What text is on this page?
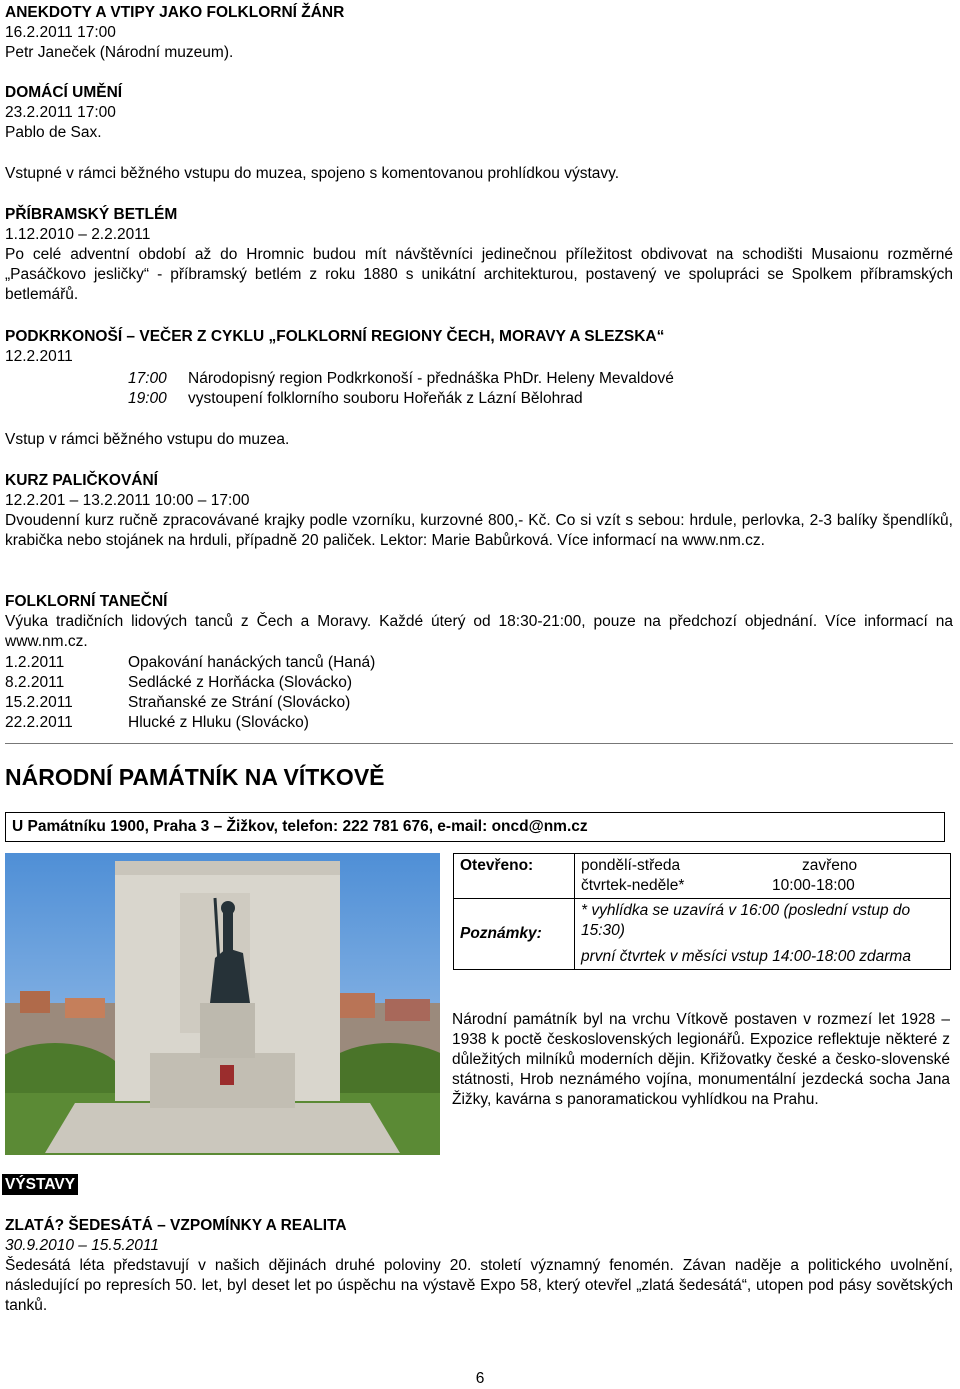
ANEKDOTY A VTIPY JAKO FOLKLORNÍ ŽÁNR
16.2.2011 17:00
Petr Janeček (Národní muzeum).
DOMÁCÍ UMĚNÍ
23.2.2011 17:00
Pablo de Sax.
Vstupné v rámci běžného vstupu do muzea, spojeno s komentovanou prohlídkou výstavy.
PŘÍBRAMSKÝ BETLÉM
1.12.2010 – 2.2.2011
Po celé adventní období až do Hromnic budou mít návštěvníci jedinečnou příležitost obdivovat na schodišti Musaionu rozměrné „Pasáčkovo jesličky“ - příbramský betlém z roku 1880 s unikátní architekturou, postavený ve spolupráci se Spolkem příbramských betlemářů.
PODKRKONOŠÍ – VEČER Z CYKLU „FOLKLORNÍ REGIONY ČECH, MORAVY A SLEZSKA“
12.2.2011
17:00 Národopisný region Podkrkonoší - přednáška PhDr. Heleny Mevaldové
19:00 vystoupení folklorního souboru Hořeňák z Lázní Bělohrad
Vstup v rámci běžného vstupu do muzea.
KURZ PALIČKOVÁNÍ
12.2.201 – 13.2.2011 10:00 – 17:00
Dvoudenní kurz ručně zpracovávané krajky podle vzorníku, kurzovné 800,- Kč. Co si vzít s sebou: hrdule, perlovka, 2-3 balíky špendlíků, krabička nebo stojánek na hrduli, případně 20 paliček. Lektor: Marie Babůrková. Více informací na www.nm.cz.
FOLKLORNÍ TANEČNÍ
Výuka tradičních lidových tanců z Čech a Moravy. Každé úterý od 18:30-21:00, pouze na předchozí objednání. Více informací na www.nm.cz.
1.2.2011	Opakování hanáckých tanců (Haná)
8.2.2011	Sedlácké z Horňácka (Slovácko)
15.2.2011	Straňanské ze Strání (Slovácko)
22.2.2011	Hlucké z Hluku (Slovácko)
NÁRODNÍ PAMÁTNÍK NA VÍTKOVĚ
U Památníku 1900, Praha 3 – Žižkov, telefon: 222 781 676, e-mail: oncd@nm.cz
Otevřeno:	pondělí-středa zavřeno
čtvrtek-neděle* 10:00-18:00

Poznámky:	* vyhlídka se uzavírá v 16:00 (poslední vstup do 15:30)
první čtvrtek v měsíci vstup 14:00-18:00 zdarma
Národní památník byl na vrchu Vítkově postaven v rozmezí let 1928 – 1938 k poctě československých legionářů. Expozice reflektuje některé z důležitých milníků moderních dějin. Křižovatky české a česko-slovenské státnosti, Hrob neznámého vojína, monumentální jezdecká socha Jana Žižky, kavárna s panoramatickou vyhlídkou na Prahu.
VÝSTAVY
ZLATÁ? ŠEDESÁTÁ – VZPOMÍNKY A REALITA
30.9.2010 – 15.5.2011
Šedesátá léta představují v našich dějinách druhé poloviny 20. století významný fenomén. Závan naděje a politického uvolnění, následující po represích 50. let, byl deset let po úspěchu na výstavě Expo 58, který otevřel „zlatá šedesátá“, utopen pod pásy sovětských tanků.
6
